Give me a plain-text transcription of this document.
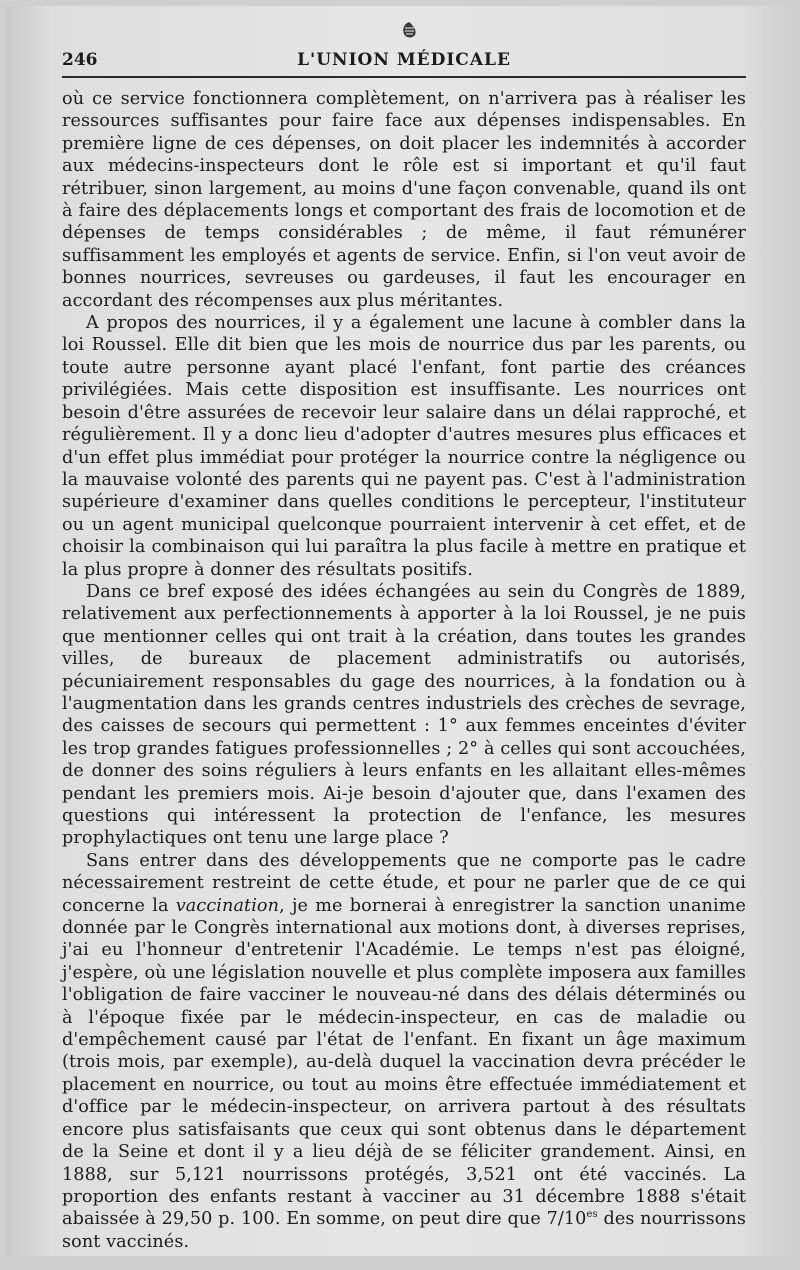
246	L'UNION MÉDICALE

où ce service fonctionnera complètement, on n'arrivera pas à réaliser les ressources suffisantes pour faire face aux dépenses indispensables. En première ligne de ces dépenses, on doit placer les indemnités à accorder aux médecins-inspecteurs dont le rôle est si important et qu'il faut rétribuer, sinon largement, au moins d'une façon convenable, quand ils ont à faire des déplacements longs et comportant des frais de locomotion et de dépenses de temps considérables ; de même, il faut rémunérer suffisamment les employés et agents de service. Enfin, si l'on veut avoir de bonnes nourrices, sevreuses ou gardeuses, il faut les encourager en accordant des récompenses aux plus méritantes.

A propos des nourrices, il y a également une lacune à combler dans la loi Roussel. Elle dit bien que les mois de nourrice dus par les parents, ou toute autre personne ayant placé l'enfant, font partie des créances privilégiées. Mais cette disposition est insuffisante. Les nourrices ont besoin d'être assurées de recevoir leur salaire dans un délai rapproché, et régulièrement. Il y a donc lieu d'adopter d'autres mesures plus efficaces et d'un effet plus immédiat pour protéger la nourrice contre la négligence ou la mauvaise volonté des parents qui ne payent pas. C'est à l'administration supérieure d'examiner dans quelles conditions le percepteur, l'instituteur ou un agent municipal quelconque pourraient intervenir à cet effet, et de choisir la combinaison qui lui paraîtra la plus facile à mettre en pratique et la plus propre à donner des résultats positifs.

Dans ce bref exposé des idées échangées au sein du Congrès de 1889, relativement aux perfectionnements à apporter à la loi Roussel, je ne puis que mentionner celles qui ont trait à la création, dans toutes les grandes villes, de bureaux de placement administratifs ou autorisés, pécuniairement responsables du gage des nourrices, à la fondation ou à l'augmentation dans les grands centres industriels des crèches de sevrage, des caisses de secours qui permettent : 1° aux femmes enceintes d'éviter les trop grandes fatigues professionnelles ; 2° à celles qui sont accouchées, de donner des soins réguliers à leurs enfants en les allaitant elles-mêmes pendant les premiers mois. Ai-je besoin d'ajouter que, dans l'examen des questions qui intéressent la protection de l'enfance, les mesures prophylactiques ont tenu une large place ?

Sans entrer dans des développements que ne comporte pas le cadre nécessairement restreint de cette étude, et pour ne parler que de ce qui concerne la vaccination, je me bornerai à enregistrer la sanction unanime donnée par le Congrès international aux motions dont, à diverses reprises, j'ai eu l'honneur d'entretenir l'Académie. Le temps n'est pas éloigné, j'espère, où une législation nouvelle et plus complète imposera aux familles l'obligation de faire vacciner le nouveau-né dans des délais déterminés ou à l'époque fixée par le médecin-inspecteur, en cas de maladie ou d'empêchement causé par l'état de l'enfant. En fixant un âge maximum (trois mois, par exemple), au-delà duquel la vaccination devra précéder le placement en nourrice, ou tout au moins être effectuée immédiatement et d'office par le médecin-inspecteur, on arrivera partout à des résultats encore plus satisfaisants que ceux qui sont obtenus dans le département de la Seine et dont il y a lieu déjà de se féliciter grandement. Ainsi, en 1888, sur 5,121 nourrissons protégés, 3,521 ont été vaccinés. La proportion des enfants restant à vacciner au 31 décembre 1888 s'était abaissée à 29,50 p. 100. En somme, on peut dire que $7/10^{es}$ des nourrissons sont vaccinés.
